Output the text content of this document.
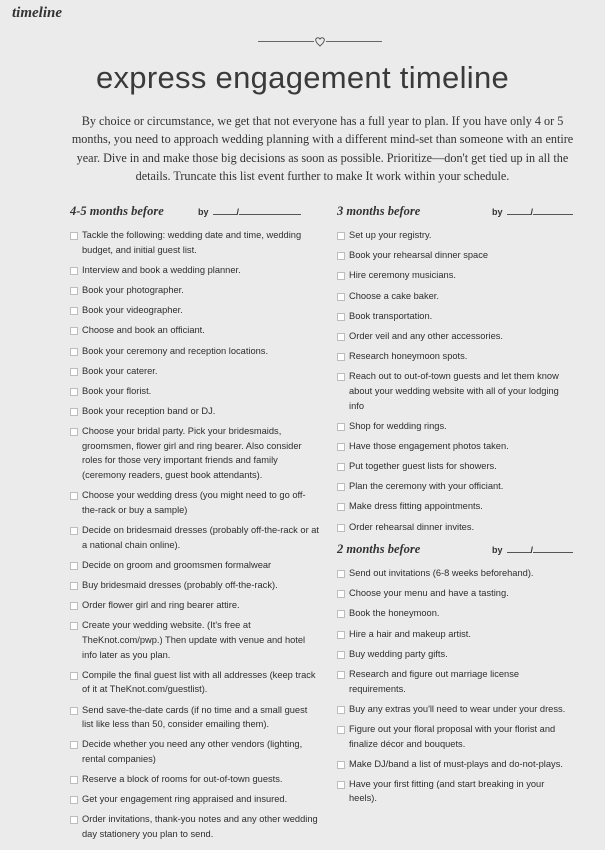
timeline
express engagement timeline
By choice or circumstance, we get that not everyone has a full year to plan. If you have only 4 or 5 months, you need to approach wedding planning with a different mind-set than someone with an entire year. Dive in and make those big decisions as soon as possible. Prioritize—don't get tied up in all the details. Truncate this list event further to make It work within your schedule.
4-5 months before	by	/
Tackle the following: wedding date and time, wedding budget, and initial guest list.
Interview and book a wedding planner.
Book your photographer.
Book your videographer.
Choose and book an officiant.
Book your ceremony and reception locations.
Book your caterer.
Book your florist.
Book your reception band or DJ.
Choose your bridal party. Pick your bridesmaids, groomsmen, flower girl and ring bearer. Also consider roles for those very important friends and family (ceremony readers, guest book attendants).
Choose your wedding dress (you might need to go off-the-rack or buy a sample)
Decide on bridesmaid dresses (probably off-the-rack or at a national chain online).
Decide on groom and groomsmen formalwear
Buy bridesmaid dresses (probably off-the-rack).
Order flower girl and ring bearer attire.
Create your wedding website. (It's free at TheKnot.com/pwp.) Then update with venue and hotel info later as you plan.
Compile the final guest list with all addresses (keep track of it at TheKnot.com/guestlist).
Send save-the-date cards (if no time and a small guest list like less than 50, consider emailing them).
Decide whether you need any other vendors (lighting, rental companies)
Reserve a block of rooms for out-of-town guests.
Get your engagement ring appraised and insured.
Order invitations, thank-you notes and any other wedding day stationery you plan to send.
3 months before	by	/
Set up your registry.
Book your rehearsal dinner space
Hire ceremony musicians.
Choose a cake baker.
Book transportation.
Order veil and any other accessories.
Research honeymoon spots.
Reach out to out-of-town guests and let them know about your wedding website with all of your lodging info
Shop for wedding rings.
Have those engagement photos taken.
Put together guest lists for showers.
Plan the ceremony with your officiant.
Make dress fitting appointments.
Order rehearsal dinner invites.
2 months before	by	/
Send out invitations (6-8 weeks beforehand).
Choose your menu and have a tasting.
Book the honeymoon.
Hire a hair and makeup artist.
Buy wedding party gifts.
Research and figure out marriage license requirements.
Buy any extras you'll need to wear under your dress.
Figure out your floral proposal with your florist and finalize décor and bouquets.
Make DJ/band a list of must-plays and do-not-plays.
Have your first fitting (and start breaking in your heels).
